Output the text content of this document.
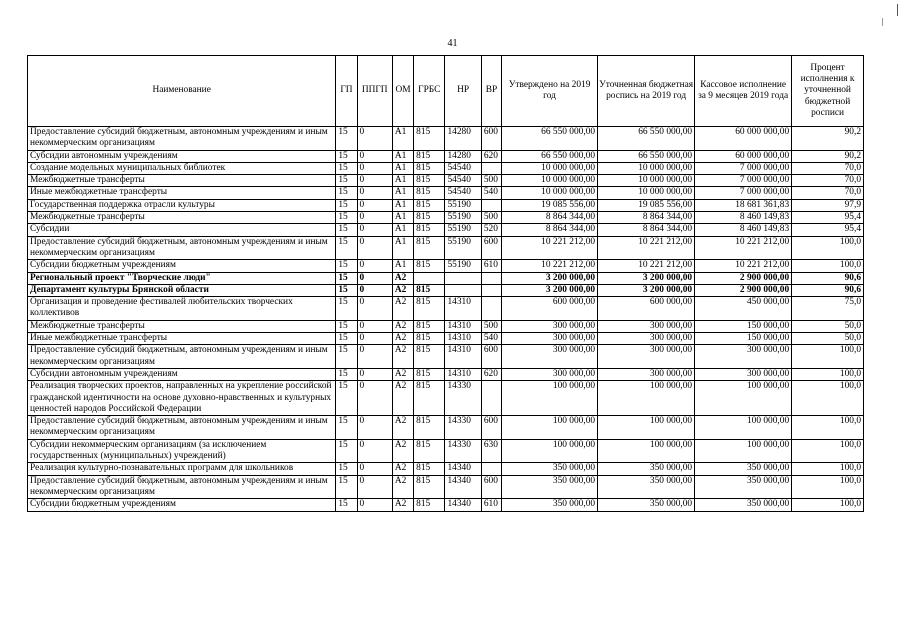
41
Наименование	ГП	ППГП	ОМ	ГРБС	НР	ВР	Утверждено на 2019 год	Уточненная бюджетная роспись на 2019 год	Кассовое исполнение за 9 месяцев 2019 года	Процент исполнения к уточненной бюджетной росписи
Предоставление субсидий бюджетным, автономным учреждениям и иным некоммерческим организациям	15	0	А1	815	14280	600	66 550 000,00	66 550 000,00	60 000 000,00	90,2
Субсидии автономным учреждениям	15	0	А1	815	14280	620	66 550 000,00	66 550 000,00	60 000 000,00	90,2
Создание модельных муниципальных библиотек	15	0	А1	815	54540		10 000 000,00	10 000 000,00	7 000 000,00	70,0
Межбюджетные трансферты	15	0	А1	815	54540	500	10 000 000,00	10 000 000,00	7 000 000,00	70,0
Иные межбюджетные трансферты	15	0	А1	815	54540	540	10 000 000,00	10 000 000,00	7 000 000,00	70,0
Государственная поддержка отрасли культуры	15	0	А1	815	55190		19 085 556,00	19 085 556,00	18 681 361,83	97,9
Межбюджетные трансферты	15	0	А1	815	55190	500	8 864 344,00	8 864 344,00	8 460 149,83	95,4
Субсидии	15	0	А1	815	55190	520	8 864 344,00	8 864 344,00	8 460 149,83	95,4
Предоставление субсидий бюджетным, автономным учреждениям и иным некоммерческим организациям	15	0	А1	815	55190	600	10 221 212,00	10 221 212,00	10 221 212,00	100,0
Субсидии бюджетным учреждениям	15	0	А1	815	55190	610	10 221 212,00	10 221 212,00	10 221 212,00	100,0
Региональный проект "Творческие люди"	15	0	А2				3 200 000,00	3 200 000,00	2 900 000,00	90,6
Департамент культуры Брянской области	15	0	А2	815			3 200 000,00	3 200 000,00	2 900 000,00	90,6
Организация и проведение фестивалей любительских творческих коллективов	15	0	А2	815	14310		600 000,00	600 000,00	450 000,00	75,0
Межбюджетные трансферты	15	0	А2	815	14310	500	300 000,00	300 000,00	150 000,00	50,0
Иные межбюджетные трансферты	15	0	А2	815	14310	540	300 000,00	300 000,00	150 000,00	50,0
Предоставление субсидий бюджетным, автономным учреждениям и иным некоммерческим организациям	15	0	А2	815	14310	600	300 000,00	300 000,00	300 000,00	100,0
Субсидии автономным учреждениям	15	0	А2	815	14310	620	300 000,00	300 000,00	300 000,00	100,0
Реализация творческих проектов, направленных на укрепление российской гражданской идентичности на основе духовно-нравственных и культурных ценностей народов Российской Федерации	15	0	А2	815	14330		100 000,00	100 000,00	100 000,00	100,0
Предоставление субсидий бюджетным, автономным учреждениям и иным некоммерческим организациям	15	0	А2	815	14330	600	100 000,00	100 000,00	100 000,00	100,0
Субсидии некоммерческим организациям (за исключением государственных (муниципальных) учреждений)	15	0	А2	815	14330	630	100 000,00	100 000,00	100 000,00	100,0
Реализация культурно-познавательных программ для школьников	15	0	А2	815	14340		350 000,00	350 000,00	350 000,00	100,0
Предоставление субсидий бюджетным, автономным учреждениям и иным некоммерческим организациям	15	0	А2	815	14340	600	350 000,00	350 000,00	350 000,00	100,0
Субсидии бюджетным учреждениям	15	0	А2	815	14340	610	350 000,00	350 000,00	350 000,00	100,0
